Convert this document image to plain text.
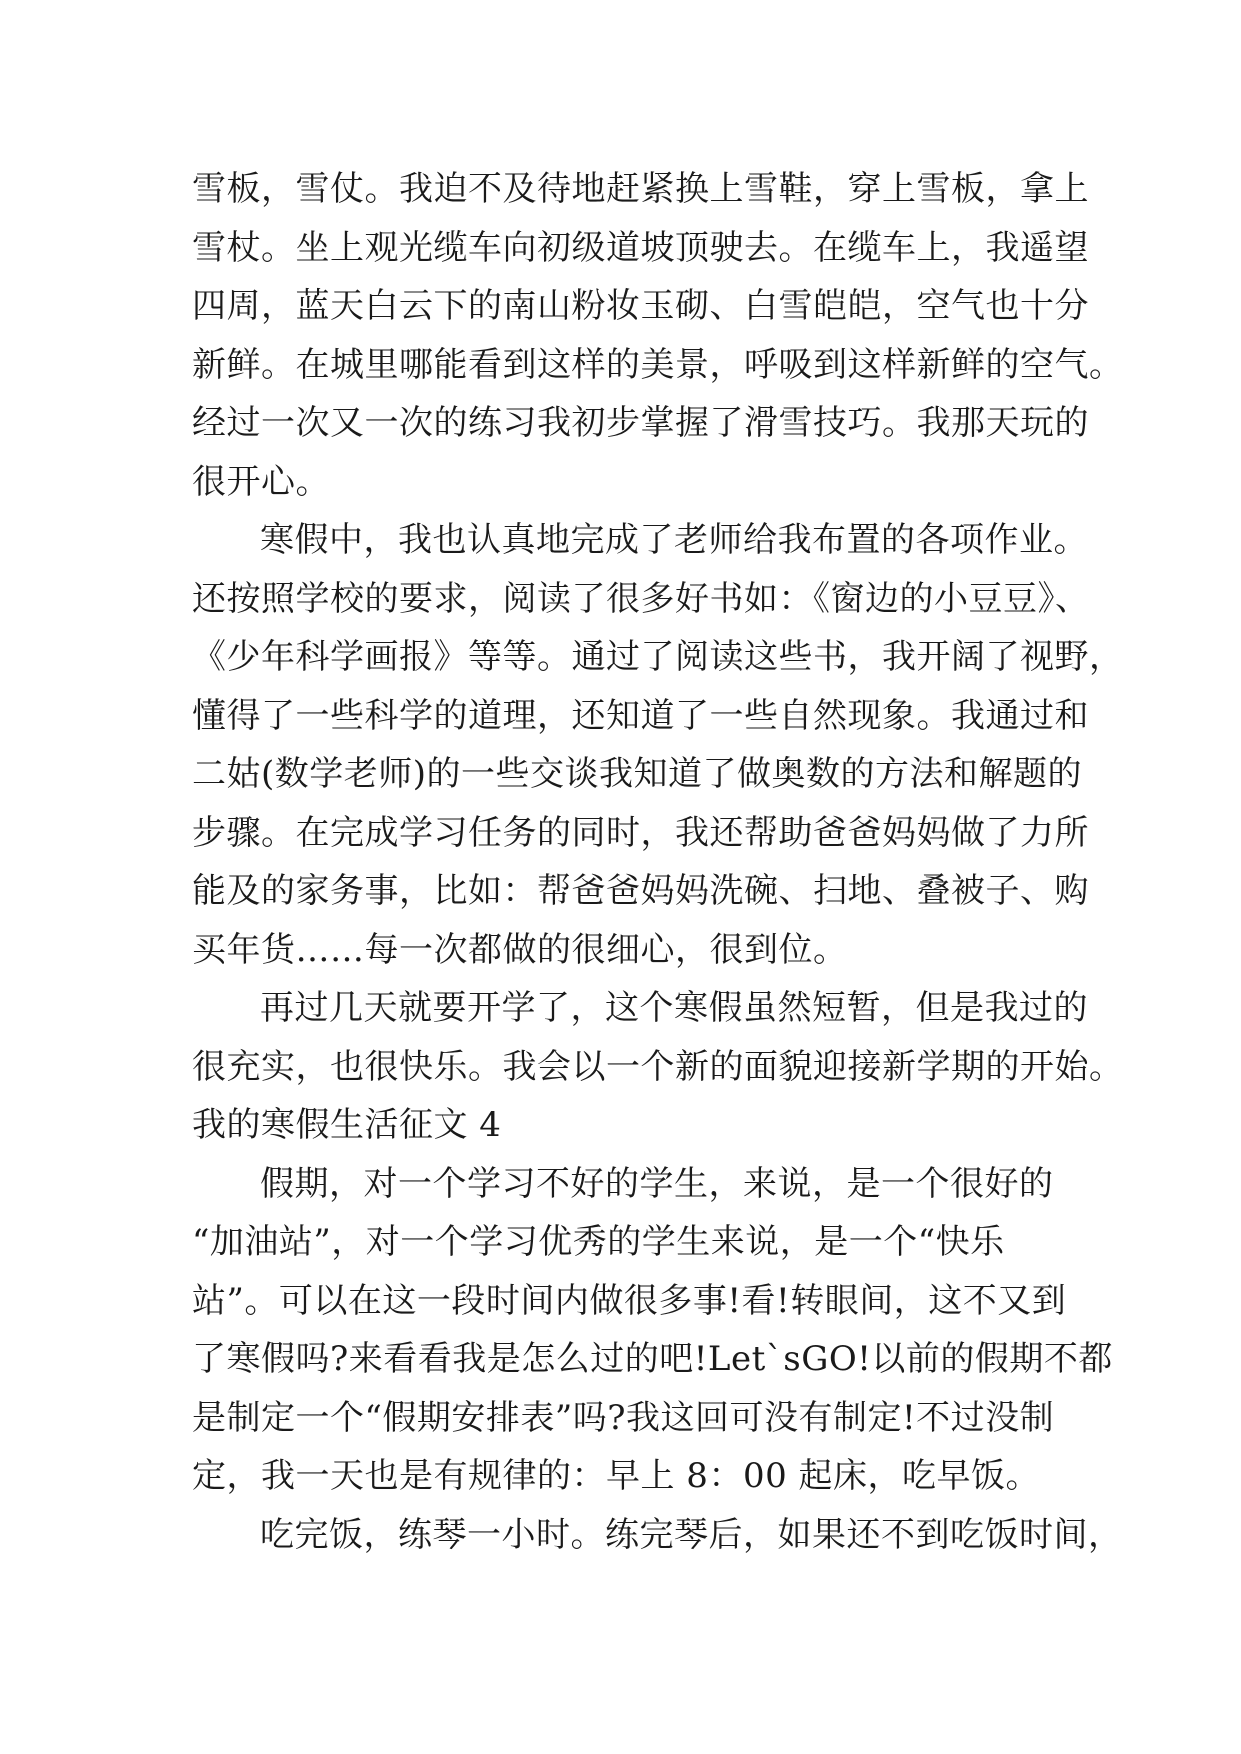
雪板，雪仗。我迫不及待地赶紧换上雪鞋，穿上雪板，拿上
雪杖。坐上观光缆车向初级道坡顶驶去。在缆车上，我遥望
四周，蓝天白云下的南山粉妆玉砌、白雪皑皑，空气也十分
新鲜。在城里哪能看到这样的美景，呼吸到这样新鲜的空气。
经过一次又一次的练习我初步掌握了滑雪技巧。我那天玩的
很开心。
寒假中，我也认真地完成了老师给我布置的各项作业。
还按照学校的要求，阅读了很多好书如：《窗边的小豆豆》、
《少年科学画报》等等。通过了阅读这些书，我开阔了视野，
懂得了一些科学的道理，还知道了一些自然现象。我通过和
二姑(数学老师)的一些交谈我知道了做奥数的方法和解题的
步骤。在完成学习任务的同时，我还帮助爸爸妈妈做了力所
能及的家务事，比如：帮爸爸妈妈洗碗、扫地、叠被子、购
买年货……每一次都做的很细心，很到位。
再过几天就要开学了，这个寒假虽然短暂，但是我过的
很充实，也很快乐。我会以一个新的面貌迎接新学期的开始。
我的寒假生活征文 4
假期，对一个学习不好的学生，来说，是一个很好的
“加油站”，对一个学习优秀的学生来说，是一个“快乐
站”。可以在这一段时间内做很多事!看!转眼间，这不又到
了寒假吗?来看看我是怎么过的吧!Let`sGO!以前的假期不都
是制定一个“假期安排表”吗?我这回可没有制定!不过没制
定，我一天也是有规律的：早上 8：00 起床，吃早饭。
吃完饭，练琴一小时。练完琴后，如果还不到吃饭时间，
